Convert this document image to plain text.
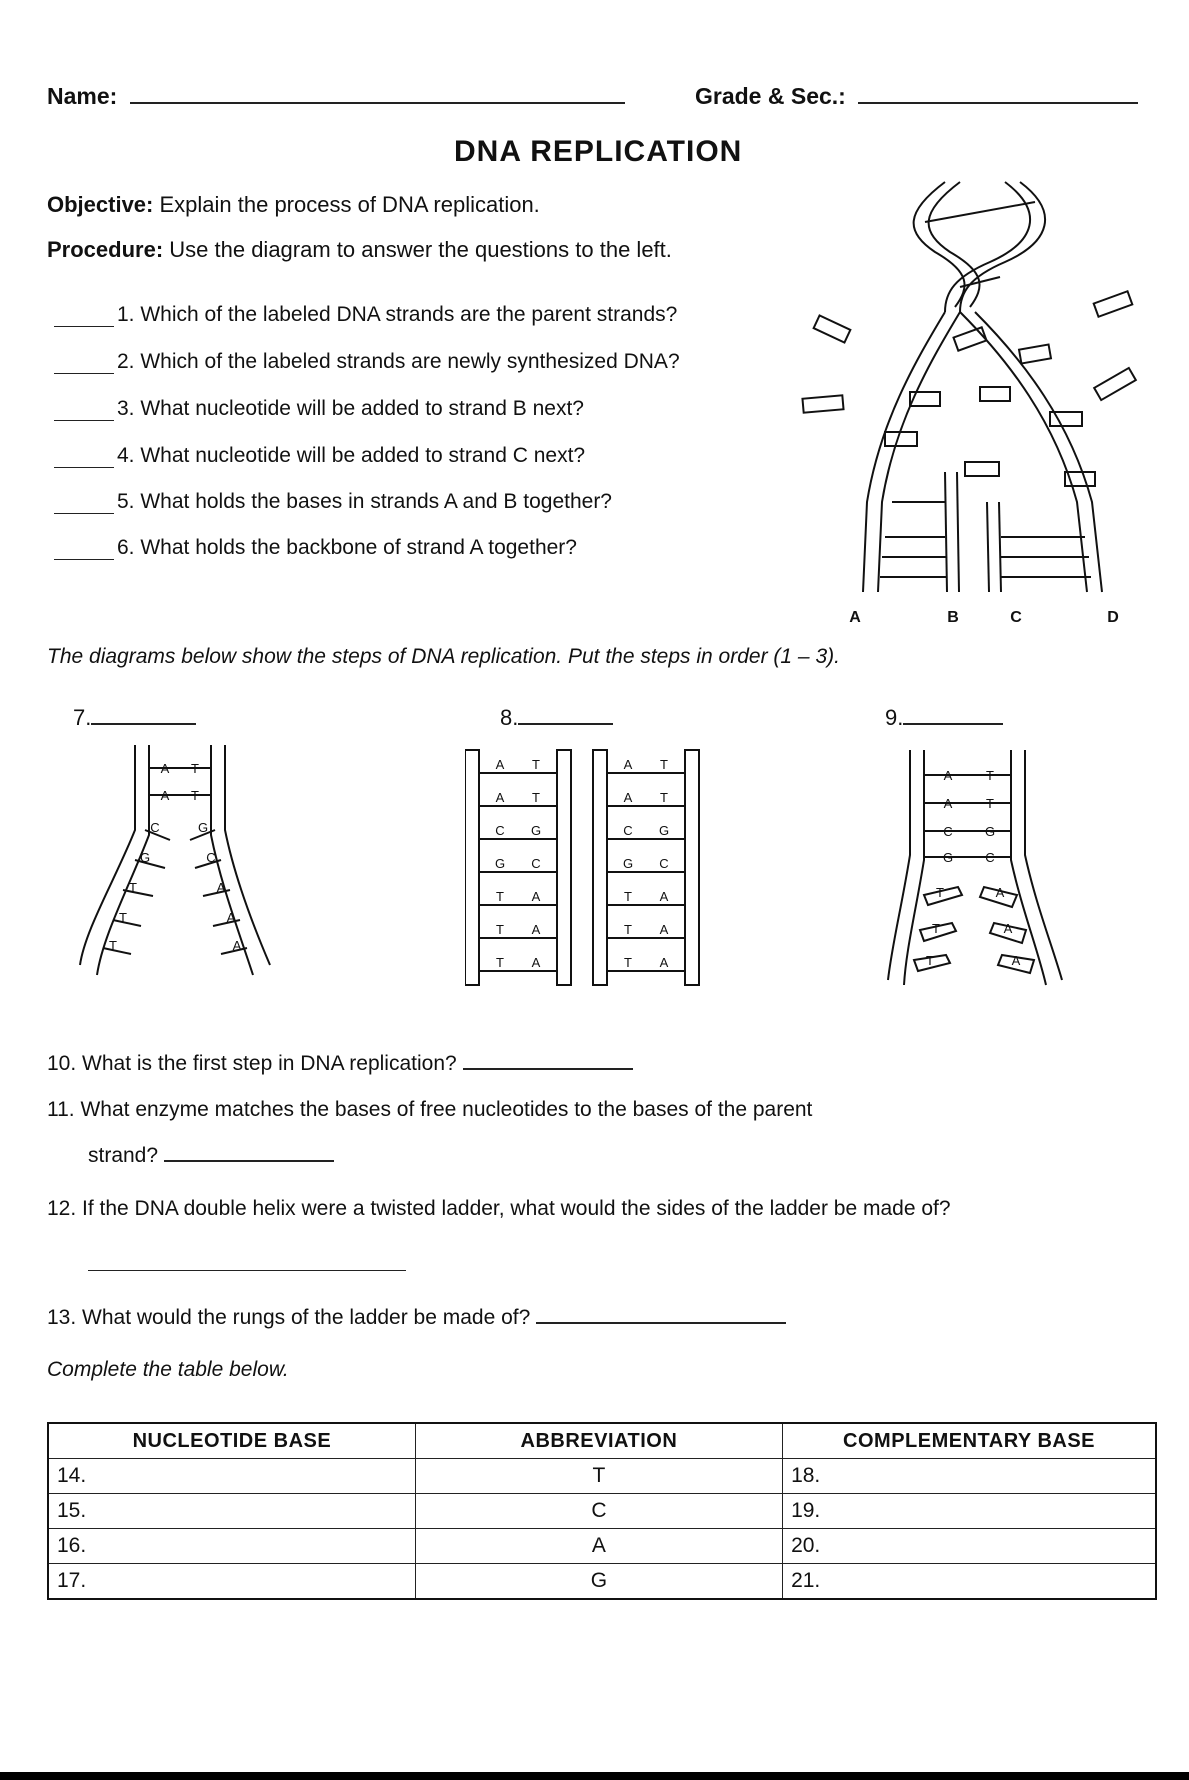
Name:	Grade & Sec.:
DNA REPLICATION
Objective: Explain the process of DNA replication.
Procedure: Use the diagram to answer the questions to the left.
1. Which of the labeled DNA strands are the parent strands?
2. Which of the labeled strands are newly synthesized DNA?
3. What nucleotide will be added to strand B next?
4. What nucleotide will be added to strand C next?
5. What holds the bases in strands A and B together?
6. What holds the backbone of strand A together?
A	B	C	D
The diagrams below show the steps of DNA replication. Put the steps in order (1 – 3).
7.	8.	9.
A T
A T
C	G
G	C
T	A
T	A
T	A
A T
A T
C G
G C
T A
T A
T A
A T
A T
C G
G C
T A
T A
T A
A	T
A	T
C G
G C
T	A
T	A
T	A
10. What is the first step in DNA replication?
11. What enzyme matches the bases of free nucleotides to the bases of the parent
strand?
12. If the DNA double helix were a twisted ladder, what would the sides of the ladder be made of?
13. What would the rungs of the ladder be made of?
Complete the table below.
NUCLEOTIDE BASE	ABBREVIATION	COMPLEMENTARY BASE
14.	T	18.
15.	C	19.
16.	A	20.
17.	G	21.
